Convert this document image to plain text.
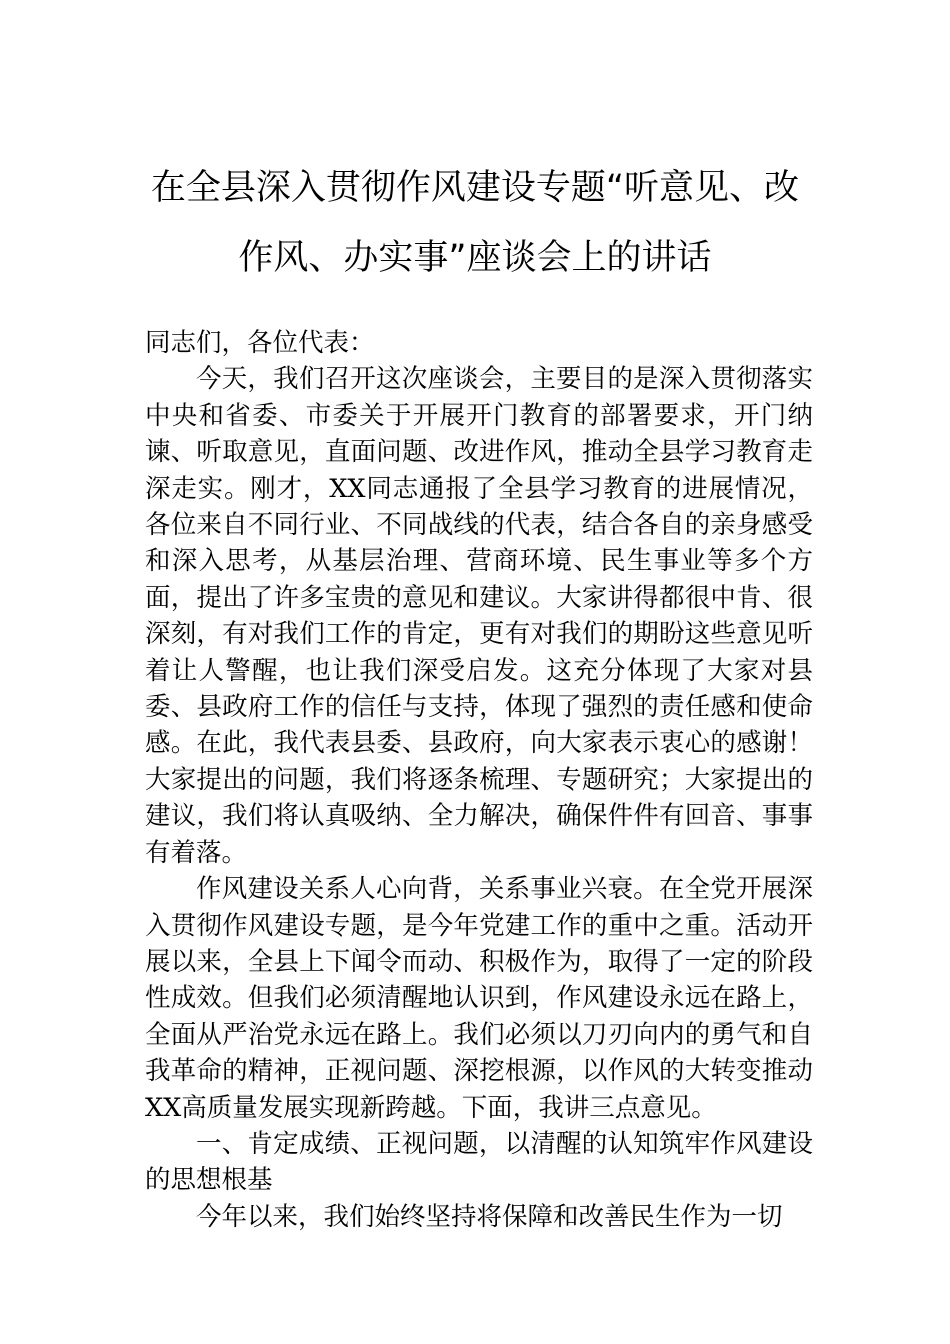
在全县深入贯彻作风建设专题“听意见、改
作风、办实事”座谈会上的讲话

同志们，各位代表：

今天，我们召开这次座谈会，主要目的是深入贯彻落实中央和省委、市委关于开展开门教育的部署要求，开门纳谏、听取意见，直面问题、改进作风，推动全县学习教育走深走实。刚才，XX同志通报了全县学习教育的进展情况，各位来自不同行业、不同战线的代表，结合各自的亲身感受和深入思考，从基层治理、营商环境、民生事业等多个方面，提出了许多宝贵的意见和建议。大家讲得都很中肯、很深刻，有对我们工作的肯定，更有对我们的期盼这些意见听着让人警醒，也让我们深受启发。这充分体现了大家对县委、县政府工作的信任与支持，体现了强烈的责任感和使命感。在此，我代表县委、县政府，向大家表示衷心的感谢！大家提出的问题，我们将逐条梳理、专题研究；大家提出的建议，我们将认真吸纳、全力解决，确保件件有回音、事事有着落。

作风建设关系人心向背，关系事业兴衰。在全党开展深入贯彻作风建设专题，是今年党建工作的重中之重。活动开展以来，全县上下闻令而动、积极作为，取得了一定的阶段性成效。但我们必须清醒地认识到，作风建设永远在路上，全面从严治党永远在路上。我们必须以刀刃向内的勇气和自我革命的精神，正视问题、深挖根源，以作风的大转变推动XX高质量发展实现新跨越。下面，我讲三点意见。

一、肯定成绩、正视问题，以清醒的认知筑牢作风建设的思想根基

今年以来，我们始终坚持将保障和改善民生作为一切
